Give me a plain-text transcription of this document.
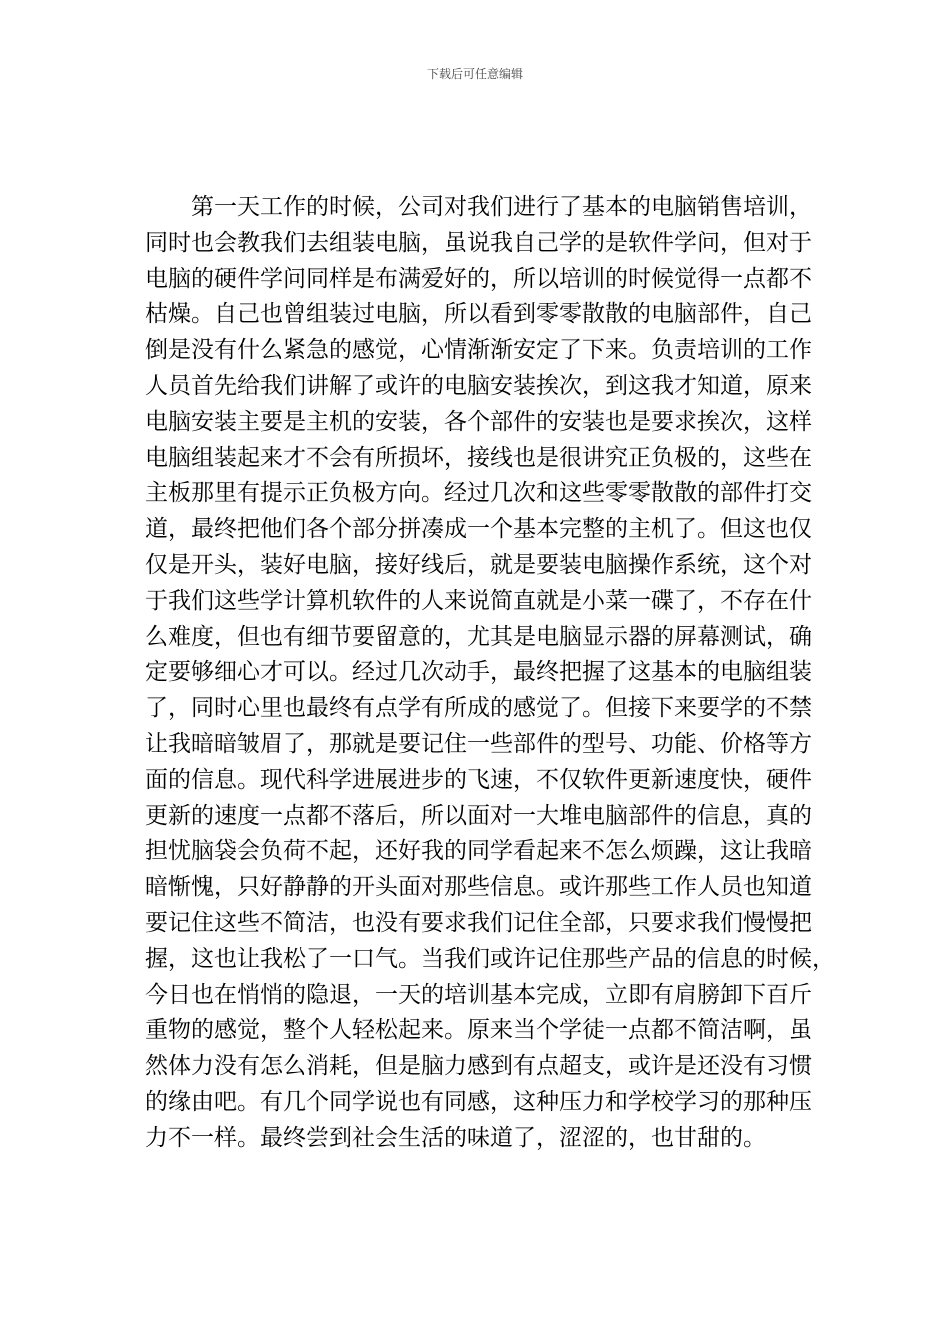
下载后可任意编辑
　　第一天工作的时候，公司对我们进行了基本的电脑销售培训，
同时也会教我们去组装电脑，虽说我自己学的是软件学问，但对于
电脑的硬件学问同样是布满爱好的，所以培训的时候觉得一点都不
枯燥。自己也曾组装过电脑，所以看到零零散散的电脑部件，自己
倒是没有什么紧急的感觉，心情渐渐安定了下来。负责培训的工作
人员首先给我们讲解了或许的电脑安装挨次，到这我才知道，原来
电脑安装主要是主机的安装，各个部件的安装也是要求挨次，这样
电脑组装起来才不会有所损坏，接线也是很讲究正负极的，这些在
主板那里有提示正负极方向。经过几次和这些零零散散的部件打交
道，最终把他们各个部分拼凑成一个基本完整的主机了。但这也仅
仅是开头，装好电脑，接好线后，就是要装电脑操作系统，这个对
于我们这些学计算机软件的人来说简直就是小菜一碟了，不存在什
么难度，但也有细节要留意的，尤其是电脑显示器的屏幕测试，确
定要够细心才可以。经过几次动手，最终把握了这基本的电脑组装
了，同时心里也最终有点学有所成的感觉了。但接下来要学的不禁
让我暗暗皱眉了，那就是要记住一些部件的型号、功能、价格等方
面的信息。现代科学进展进步的飞速，不仅软件更新速度快，硬件
更新的速度一点都不落后，所以面对一大堆电脑部件的信息，真的
担忧脑袋会负荷不起，还好我的同学看起来不怎么烦躁，这让我暗
暗惭愧，只好静静的开头面对那些信息。或许那些工作人员也知道
要记住这些不简洁，也没有要求我们记住全部，只要求我们慢慢把
握，这也让我松了一口气。当我们或许记住那些产品的信息的时候，
今日也在悄悄的隐退，一天的培训基本完成，立即有肩膀卸下百斤
重物的感觉，整个人轻松起来。原来当个学徒一点都不简洁啊，虽
然体力没有怎么消耗，但是脑力感到有点超支，或许是还没有习惯
的缘由吧。有几个同学说也有同感，这种压力和学校学习的那种压
力不一样。最终尝到社会生活的味道了，涩涩的，也甘甜的。
